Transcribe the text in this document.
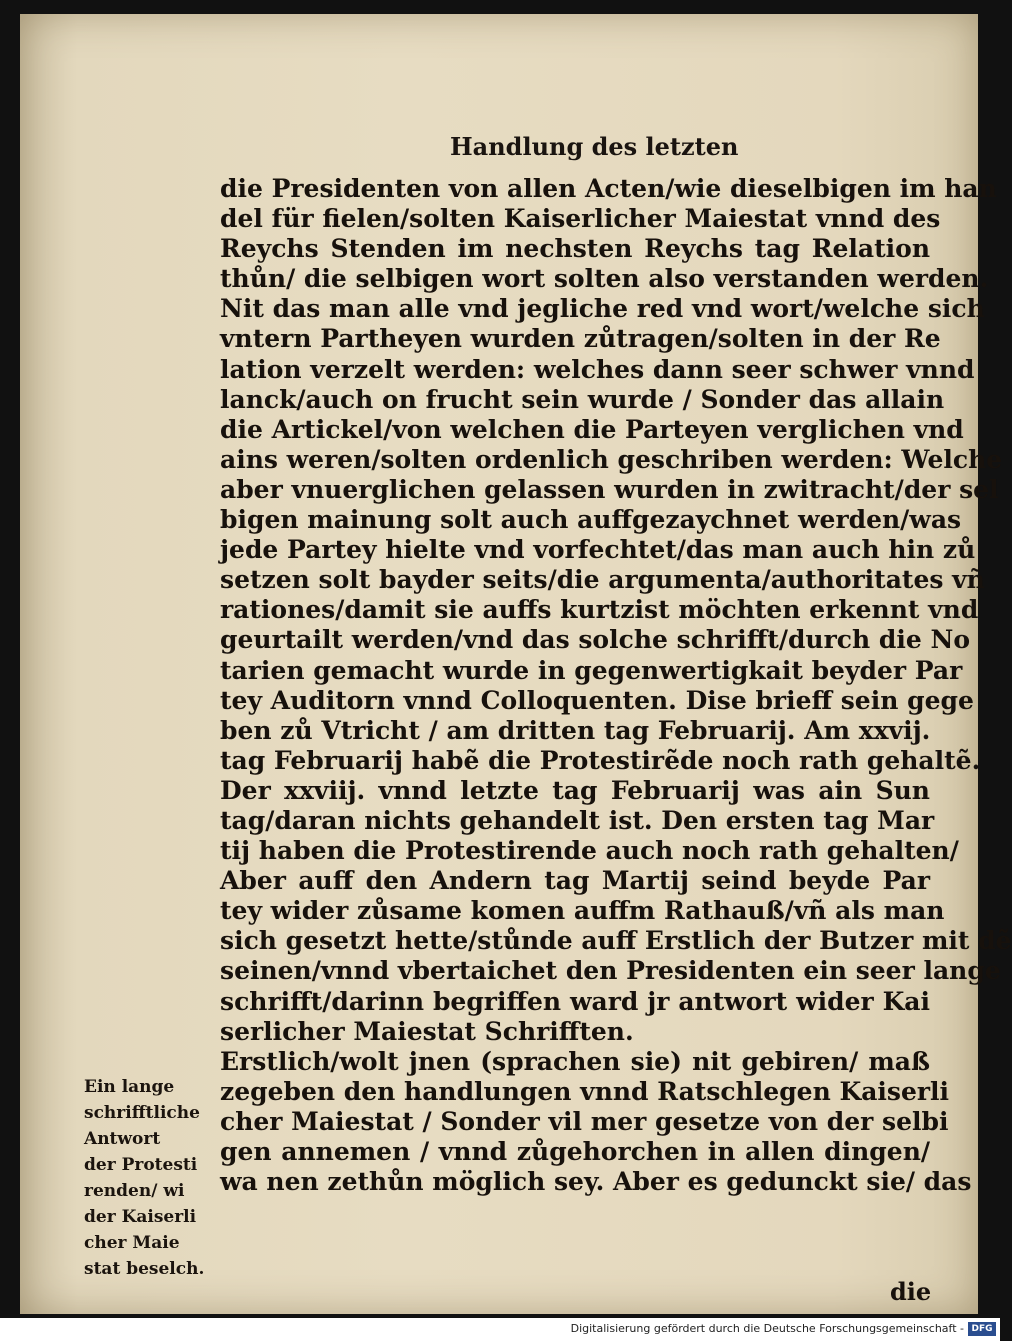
Handlung des letzten
die Presidenten von allen Acten/wie dieselbigen im han
del für fielen/solten Kaiserlicher Maiestat vnnd des
Reychs Stenden im nechsten Reychs tag Relation
thůn/ die selbigen wort solten also verstanden werden.
Nit das man alle vnd jegliche red vnd wort/welche sich
vntern Partheyen wurden zůtragen/solten in der Re
lation verzelt werden: welches dann seer schwer vnnd
lanck/auch on frucht sein wurde / Sonder das allain
die Artickel/von welchen die Parteyen verglichen vnd
ains weren/solten ordenlich geschriben werden: Welche
aber vnuerglichen gelassen wurden in zwitracht/der sel
bigen mainung solt auch auffgezaychnet werden/was
jede Partey hielte vnd vorfechtet/das man auch hin zů
setzen solt bayder seits/die argumenta/authoritates vñ
rationes/damit sie auffs kurtzist möchten erkennt vnd
geurtailt werden/vnd das solche schrifft/durch die No
tarien gemacht wurde in gegenwertigkait beyder Par
tey Auditorn vnnd Colloquenten. Dise brieff sein gege
ben zů Vtricht / am dritten tag Februarij. Am xxvij.
tag Februarij habẽ die Protestirẽde noch rath gehaltẽ.
Der xxviij. vnnd letzte tag Februarij was ain Sun
tag/daran nichts gehandelt ist. Den ersten tag Mar
tij haben die Protestirende auch noch rath gehalten/
Aber auff den Andern tag Martij seind beyde Par
tey wider zůsame komen auffm Rathauß/vñ als man
sich gesetzt hette/stůnde auff Erstlich der Butzer mit dẽ
seinen/vnnd vbertaichet den Presidenten ein seer lange
schrifft/darinn begriffen ward jr antwort wider Kai
serlicher Maiestat Schrifften.
Erstlich/wolt jnen (sprachen sie) nit gebiren/ maß
zegeben den handlungen vnnd Ratschlegen Kaiserli
cher Maiestat / Sonder vil mer gesetze von der selbi
gen annemen / vnnd zůgehorchen in allen dingen/
wa nen zethůn möglich sey. Aber es gedunckt sie/ das
Ein lange
schrifftliche
Antwort
der Protesti
renden/ wi
der Kaiserli
cher Maie
stat beselch.
die
Digitalisierung gefördert durch die Deutsche Forschungsgemeinschaft - DFG
